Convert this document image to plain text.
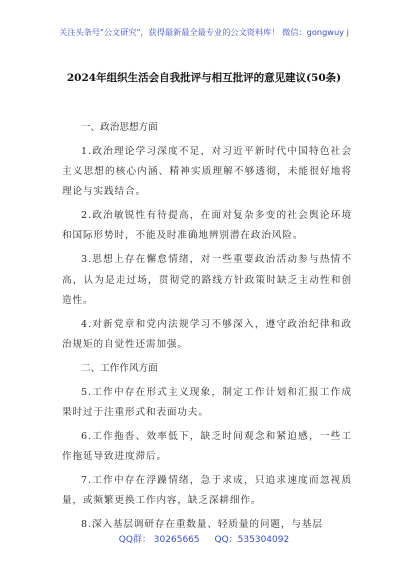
关注头条号"公文研究"，获得最新最全最专业的公文资料库！ 微信：gongwuy j
2024年组织生活会自我批评与相互批评的意见建议(50条)

一、政治思想方面

1.政治理论学习深度不足，对习近平新时代中国特色社会主义思想的核心内涵、精神实质理解不够透彻，未能很好地将理论与实践结合。

2.政治敏锐性有待提高，在面对复杂多变的社会舆论环境和国际形势时，不能及时准确地辨别潜在政治风险。

3.思想上存在懈怠情绪，对一些重要政治活动参与热情不高，认为是走过场，贯彻党的路线方针政策时缺乏主动性和创造性。

4.对新党章和党内法规学习不够深入，遵守政治纪律和政治规矩的自觉性还需加强。

二、工作作风方面

5.工作中存在形式主义现象，制定工作计划和汇报工作成果时过于注重形式和表面功夫。

6.工作拖沓、效率低下，缺乏时间观念和紧迫感，一些工作拖延导致进度滞后。

7.工作中存在浮躁情绪，急于求成，只追求速度而忽视质量，或频繁更换工作内容，缺乏深耕细作。

8.深入基层调研存在重数量、轻质量的问题，与基层

QQ群： 30265665 QQ：535304092
